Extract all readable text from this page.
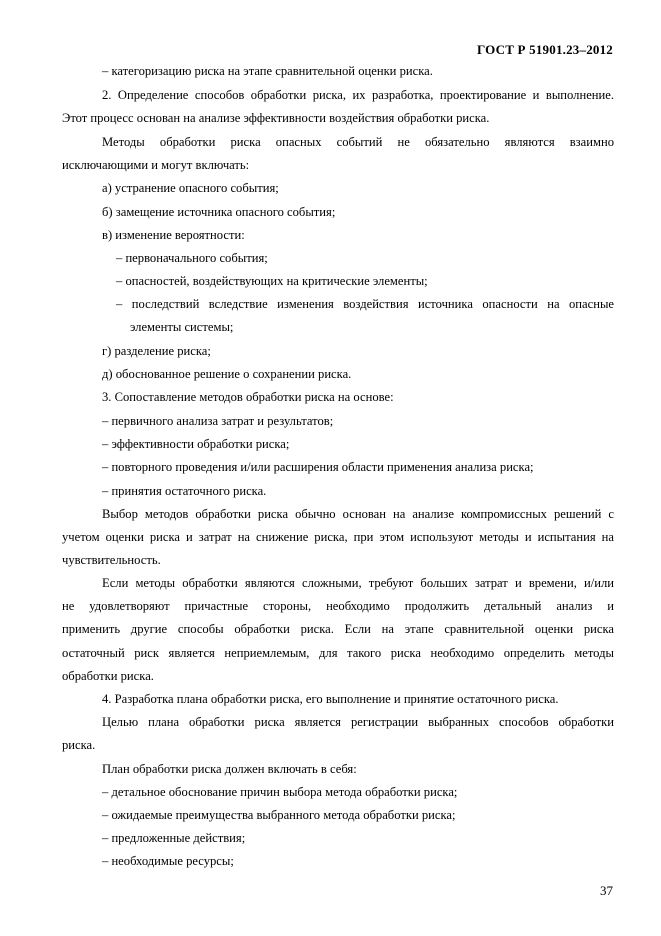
ГОСТ Р 51901.23–2012
– категоризацию риска на этапе сравнительной оценки риска.
2. Определение способов обработки риска, их разработка, проектирование и выполнение.
Этот процесс основан на анализе эффективности воздействия обработки риска.
Методы обработки риска опасных событий не обязательно являются взаимно
исключающими и могут включать:
а) устранение опасного события;
б) замещение источника опасного события;
в) изменение вероятности:
– первоначального события;
– опасностей, воздействующих на критические элементы;
– последствий вследствие изменения воздействия источника опасности на опасные
элементы системы;
г) разделение риска;
д) обоснованное решение о сохранении риска.
3. Сопоставление методов обработки риска на основе:
– первичного анализа затрат и результатов;
– эффективности обработки риска;
– повторного проведения и/или расширения области применения анализа риска;
– принятия остаточного риска.
Выбор методов обработки риска обычно основан на анализе компромиссных решений с
учетом оценки риска и затрат на снижение риска, при этом используют методы и испытания на
чувствительность.
Если методы обработки являются сложными, требуют больших затрат и времени, и/или
не удовлетворяют причастные стороны, необходимо продолжить детальный анализ и
применить другие способы обработки риска. Если на этапе сравнительной оценки риска
остаточный риск является неприемлемым, для такого риска необходимо определить методы
обработки риска.
4. Разработка плана обработки риска, его выполнение и принятие остаточного риска.
Целью плана обработки риска является регистрации выбранных способов обработки
риска.
План обработки риска должен включать в себя:
– детальное обоснование причин выбора метода обработки риска;
– ожидаемые преимущества выбранного метода обработки риска;
– предложенные действия;
– необходимые ресурсы;
37
